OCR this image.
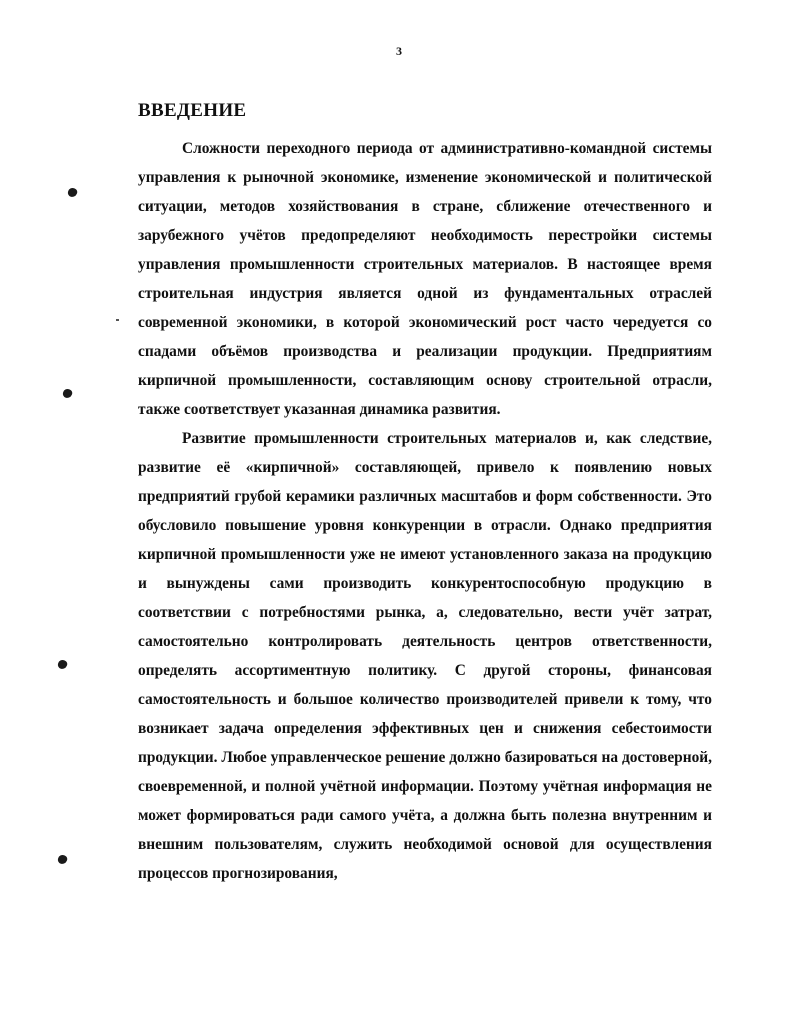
3
ВВЕДЕНИЕ

Сложности переходного периода от административно-командной системы управления к рыночной экономике, изменение экономической и политической ситуации, методов хозяйствования в стране, сближение отечественного и зарубежного учётов предопределяют необходимость перестройки системы управления промышленности строительных материалов. В настоящее время строительная индустрия является одной из фундаментальных отраслей современной экономики, в которой экономический рост часто чередуется со спадами объёмов производства и реализации продукции. Предприятиям кирпичной промышленности, составляющим основу строительной отрасли, также соответствует указанная динамика развития.

Развитие промышленности строительных материалов и, как следствие, развитие её «кирпичной» составляющей, привело к появлению новых предприятий грубой керамики различных масштабов и форм собственности. Это обусловило повышение уровня конкуренции в отрасли. Однако предприятия кирпичной промышленности уже не имеют установленного заказа на продукцию и вынуждены сами производить конкурентоспособную продукцию в соответствии с потребностями рынка, а, следовательно, вести учёт затрат, самостоятельно контролировать деятельность центров ответственности, определять ассортиментную политику. С другой стороны, финансовая самостоятельность и большое количество производителей привели к тому, что возникает задача определения эффективных цен и снижения себестоимости продукции. Любое управленческое решение должно базироваться на достоверной, своевременной, и полной учётной информации. Поэтому учётная информация не может формироваться ради самого учёта, а должна быть полезна внутренним и внешним пользователям, служить необходимой основой для осуществления процессов прогнозирования,
